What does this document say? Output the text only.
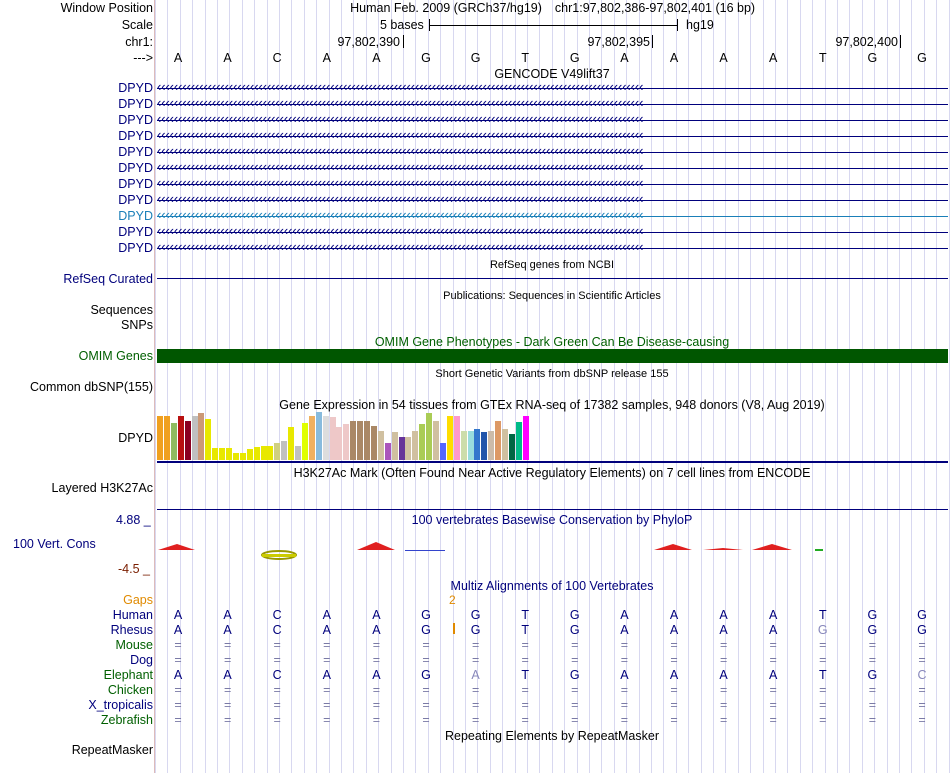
Window Position	Human Feb. 2009 (GRCh37/hg19) chr1:97,802,386-97,802,401 (16 bp)
Scale	5 bases	hg19
chr1:	97,802,390	97,802,395	97,802,400
---> A	A	C	A	A	G	G	T	G	A	A	A	A	T	G	G
GENCODE V49lift37
DPYD ‹‹‹‹‹‹‹‹‹‹‹‹‹‹‹‹‹‹‹‹‹‹‹‹‹‹‹‹‹‹‹‹‹‹‹‹‹‹‹‹‹‹‹‹‹‹‹‹‹‹‹‹‹‹‹‹‹‹‹‹‹‹‹‹‹‹‹‹‹‹‹‹‹‹‹‹‹‹‹‹‹‹‹‹‹‹‹‹‹‹‹‹‹‹‹‹‹‹‹‹‹‹‹‹‹‹‹‹‹‹‹‹‹‹‹
DPYD ‹‹‹‹‹‹‹‹‹‹‹‹‹‹‹‹‹‹‹‹‹‹‹‹‹‹‹‹‹‹‹‹‹‹‹‹‹‹‹‹‹‹‹‹‹‹‹‹‹‹‹‹‹‹‹‹‹‹‹‹‹‹‹‹‹‹‹‹‹‹‹‹‹‹‹‹‹‹‹‹‹‹‹‹‹‹‹‹‹‹‹‹‹‹‹‹‹‹‹‹‹‹‹‹‹‹‹‹‹‹‹‹‹‹‹
DPYD ‹‹‹‹‹‹‹‹‹‹‹‹‹‹‹‹‹‹‹‹‹‹‹‹‹‹‹‹‹‹‹‹‹‹‹‹‹‹‹‹‹‹‹‹‹‹‹‹‹‹‹‹‹‹‹‹‹‹‹‹‹‹‹‹‹‹‹‹‹‹‹‹‹‹‹‹‹‹‹‹‹‹‹‹‹‹‹‹‹‹‹‹‹‹‹‹‹‹‹‹‹‹‹‹‹‹‹‹‹‹‹‹‹‹‹
DPYD ‹‹‹‹‹‹‹‹‹‹‹‹‹‹‹‹‹‹‹‹‹‹‹‹‹‹‹‹‹‹‹‹‹‹‹‹‹‹‹‹‹‹‹‹‹‹‹‹‹‹‹‹‹‹‹‹‹‹‹‹‹‹‹‹‹‹‹‹‹‹‹‹‹‹‹‹‹‹‹‹‹‹‹‹‹‹‹‹‹‹‹‹‹‹‹‹‹‹‹‹‹‹‹‹‹‹‹‹‹‹‹‹‹‹‹
DPYD ‹‹‹‹‹‹‹‹‹‹‹‹‹‹‹‹‹‹‹‹‹‹‹‹‹‹‹‹‹‹‹‹‹‹‹‹‹‹‹‹‹‹‹‹‹‹‹‹‹‹‹‹‹‹‹‹‹‹‹‹‹‹‹‹‹‹‹‹‹‹‹‹‹‹‹‹‹‹‹‹‹‹‹‹‹‹‹‹‹‹‹‹‹‹‹‹‹‹‹‹‹‹‹‹‹‹‹‹‹‹‹‹‹‹‹
DPYD ‹‹‹‹‹‹‹‹‹‹‹‹‹‹‹‹‹‹‹‹‹‹‹‹‹‹‹‹‹‹‹‹‹‹‹‹‹‹‹‹‹‹‹‹‹‹‹‹‹‹‹‹‹‹‹‹‹‹‹‹‹‹‹‹‹‹‹‹‹‹‹‹‹‹‹‹‹‹‹‹‹‹‹‹‹‹‹‹‹‹‹‹‹‹‹‹‹‹‹‹‹‹‹‹‹‹‹‹‹‹‹‹‹‹‹
DPYD ‹‹‹‹‹‹‹‹‹‹‹‹‹‹‹‹‹‹‹‹‹‹‹‹‹‹‹‹‹‹‹‹‹‹‹‹‹‹‹‹‹‹‹‹‹‹‹‹‹‹‹‹‹‹‹‹‹‹‹‹‹‹‹‹‹‹‹‹‹‹‹‹‹‹‹‹‹‹‹‹‹‹‹‹‹‹‹‹‹‹‹‹‹‹‹‹‹‹‹‹‹‹‹‹‹‹‹‹‹‹‹‹‹‹‹
DPYD ‹‹‹‹‹‹‹‹‹‹‹‹‹‹‹‹‹‹‹‹‹‹‹‹‹‹‹‹‹‹‹‹‹‹‹‹‹‹‹‹‹‹‹‹‹‹‹‹‹‹‹‹‹‹‹‹‹‹‹‹‹‹‹‹‹‹‹‹‹‹‹‹‹‹‹‹‹‹‹‹‹‹‹‹‹‹‹‹‹‹‹‹‹‹‹‹‹‹‹‹‹‹‹‹‹‹‹‹‹‹‹‹‹‹‹
DPYD ‹‹‹‹‹‹‹‹‹‹‹‹‹‹‹‹‹‹‹‹‹‹‹‹‹‹‹‹‹‹‹‹‹‹‹‹‹‹‹‹‹‹‹‹‹‹‹‹‹‹‹‹‹‹‹‹‹‹‹‹‹‹‹‹‹‹‹‹‹‹‹‹‹‹‹‹‹‹‹‹‹‹‹‹‹‹‹‹‹‹‹‹‹‹‹‹‹‹‹‹‹‹‹‹‹‹‹‹‹‹‹‹‹‹‹
DPYD ‹‹‹‹‹‹‹‹‹‹‹‹‹‹‹‹‹‹‹‹‹‹‹‹‹‹‹‹‹‹‹‹‹‹‹‹‹‹‹‹‹‹‹‹‹‹‹‹‹‹‹‹‹‹‹‹‹‹‹‹‹‹‹‹‹‹‹‹‹‹‹‹‹‹‹‹‹‹‹‹‹‹‹‹‹‹‹‹‹‹‹‹‹‹‹‹‹‹‹‹‹‹‹‹‹‹‹‹‹‹‹‹‹‹‹
DPYD ‹‹‹‹‹‹‹‹‹‹‹‹‹‹‹‹‹‹‹‹‹‹‹‹‹‹‹‹‹‹‹‹‹‹‹‹‹‹‹‹‹‹‹‹‹‹‹‹‹‹‹‹‹‹‹‹‹‹‹‹‹‹‹‹‹‹‹‹‹‹‹‹‹‹‹‹‹‹‹‹‹‹‹‹‹‹‹‹‹‹‹‹‹‹‹‹‹‹‹‹‹‹‹‹‹‹‹‹‹‹‹‹‹‹‹
RefSeq genes from NCBI
RefSeq Curated
Publications: Sequences in Scientific Articles
Sequences
SNPs
OMIM Gene Phenotypes - Dark Green Can Be Disease-causing
OMIM Genes
Short Genetic Variants from dbSNP release 155
Common dbSNP(155)
Gene Expression in 54 tissues from GTEx RNA-seq of 17382 samples, 948 donors (V8, Aug 2019)
DPYD
H3K27Ac Mark (Often Found Near Active Regulatory Elements) on 7 cell lines from ENCODE
Layered H3K27Ac
100 vertebrates Basewise Conservation by PhyloP
4.88 _
100 Vert. Cons
-4.5 _
Multiz Alignments of 100 Vertebrates
Gaps	2
Human A	A	C	A	A	G	G	T	G	A	A	A	A	T	G	G
Rhesus A	A	C	A	A	G	G	T	G	A	A	A	A	G	G	G
Mouse =	=	=	=	=	=	=	=	=	=	=	=	=	=	=	=
Dog =	=	=	=	=	=	=	=	=	=	=	=	=	=	=	=
Elephant A	A	C	A	A	G	A	T	G	A	A	A	A	T	G	C
Chicken =	=	=	=	=	=	=	=	=	=	=	=	=	=	=	=
X_tropicalis =	=	=	=	=	=	=	=	=	=	=	=	=	=	=	=
Zebrafish =	=	=	=	=	=	=	=	=	=	=	=	=	=	=	=
Repeating Elements by RepeatMasker
RepeatMasker
